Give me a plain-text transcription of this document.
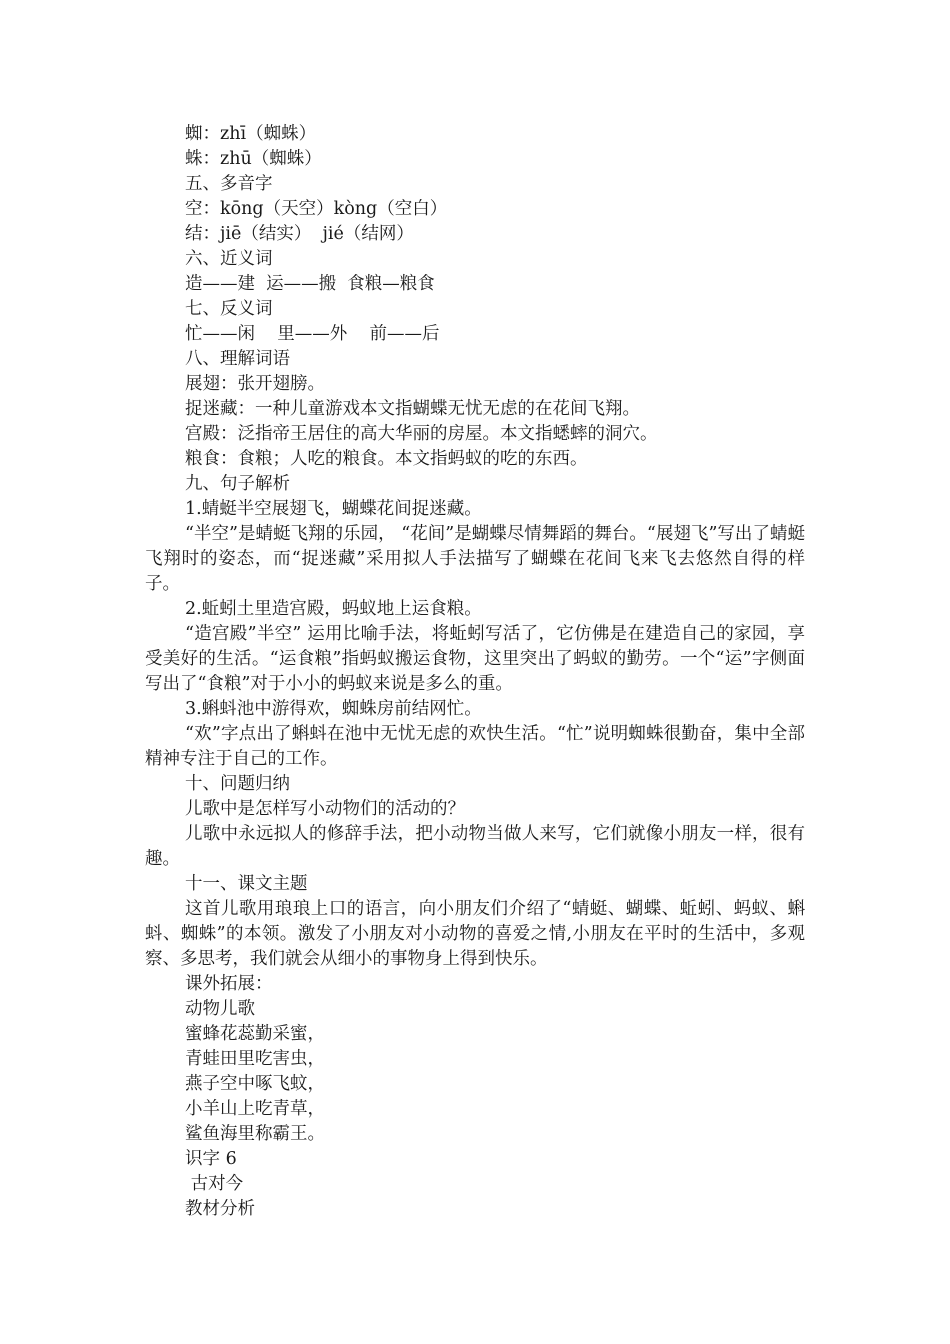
蜘：zhī（蜘蛛）
蛛：zhū（蜘蛛）
五、多音字
空：kōng（天空）kòng（空白）
结：jiē（结实）  jié（结网）
六、近义词
造——建  运——搬  食粮—粮食
七、反义词
忙——闲    里——外    前——后
八、理解词语
展翅：张开翅膀。
捉迷藏：一种儿童游戏本文指蝴蝶无忧无虑的在花间飞翔。
宫殿：泛指帝王居住的高大华丽的房屋。本文指蟋蟀的洞穴。
粮食：食粮；人吃的粮食。本文指蚂蚁的吃的东西。
九、句子解析
1.蜻蜓半空展翅飞，蝴蝶花间捉迷藏。
“半空”是蜻蜓飞翔的乐园， “花间”是蝴蝶尽情舞蹈的舞台。“展翅飞”写出了蜻蜓飞翔时的姿态，而“捉迷藏”采用拟人手法描写了蝴蝶在花间飞来飞去悠然自得的样子。
2.蚯蚓土里造宫殿，蚂蚁地上运食粮。
“造宫殿”半空” 运用比喻手法，将蚯蚓写活了，它仿佛是在建造自己的家园，享受美好的生活。“运食粮”指蚂蚁搬运食物，这里突出了蚂蚁的勤劳。一个“运”字侧面写出了“食粮”对于小小的蚂蚁来说是多么的重。
3.蝌蚪池中游得欢，蜘蛛房前结网忙。
“欢”字点出了蝌蚪在池中无忧无虑的欢快生活。“忙”说明蜘蛛很勤奋，集中全部精神专注于自己的工作。
十、问题归纳
儿歌中是怎样写小动物们的活动的？
儿歌中永远拟人的修辞手法，把小动物当做人来写，它们就像小朋友一样，很有趣。
十一、课文主题
这首儿歌用琅琅上口的语言，向小朋友们介绍了“蜻蜓、蝴蝶、蚯蚓、蚂蚁、蝌蚪、蜘蛛”的本领。激发了小朋友对小动物的喜爱之情,小朋友在平时的生活中，多观察、多思考，我们就会从细小的事物身上得到快乐。
课外拓展：
动物儿歌
蜜蜂花蕊勤采蜜，
青蛙田里吃害虫，
燕子空中啄飞蚊，
小羊山上吃青草，
鲨鱼海里称霸王。
识字 6
古对今
教材分析
